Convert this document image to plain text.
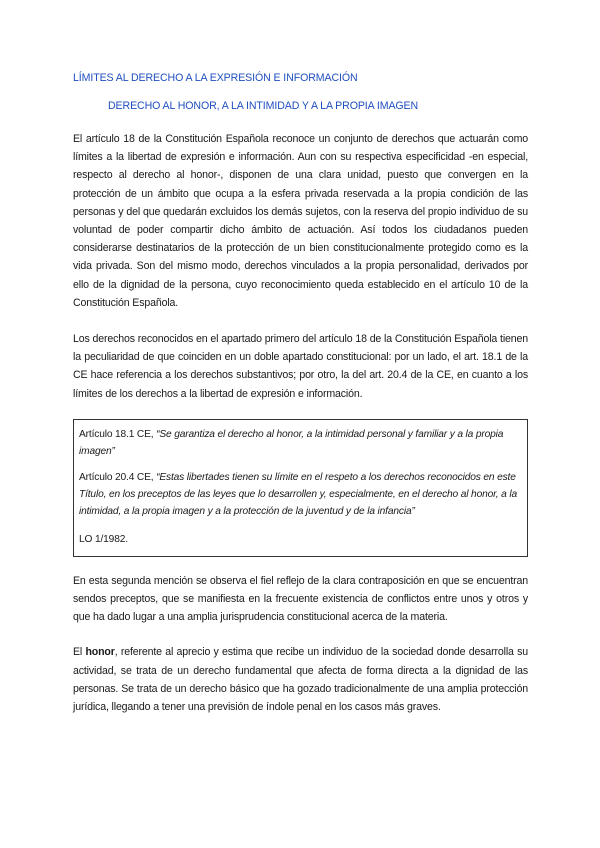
LÍMITES AL DERECHO A LA EXPRESIÓN E INFORMACIÓN

DERECHO AL HONOR, A LA INTIMIDAD Y A LA PROPIA IMAGEN

El artículo 18 de la Constitución Española reconoce un conjunto de derechos que actuarán como límites a la libertad de expresión e información. Aun con su respectiva especificidad -en especial, respecto al derecho al honor-, disponen de una clara unidad, puesto que convergen en la protección de un ámbito que ocupa a la esfera privada reservada a la propia condición de las personas y del que quedarán excluidos los demás sujetos, con la reserva del propio individuo de su voluntad de poder compartir dicho ámbito de actuación. Así todos los ciudadanos pueden considerarse destinatarios de la protección de un bien constitucionalmente protegido como es la vida privada. Son del mismo modo, derechos vinculados a la propia personalidad, derivados por ello de la dignidad de la persona, cuyo reconocimiento queda establecido en el artículo 10 de la Constitución Española.

Los derechos reconocidos en el apartado primero del artículo 18 de la Constitución Española tienen la peculiaridad de que coinciden en un doble apartado constitucional: por un lado, el art. 18.1 de la CE hace referencia a los derechos substantivos; por otro, la del art. 20.4 de la CE, en cuanto a los límites de los derechos a la libertad de expresión e información.

Artículo 18.1 CE, “Se garantiza el derecho al honor, a la intimidad personal y familiar y a la propia imagen”

Artículo 20.4 CE, “Estas libertades tienen su límite en el respeto a los derechos reconocidos en este Título, en los preceptos de las leyes que lo desarrollen y, especialmente, en el derecho al honor, a la intimidad, a la propia imagen y a la protección de la juventud y de la infancia”

LO 1/1982.

En esta segunda mención se observa el fiel reflejo de la clara contraposición en que se encuentran sendos preceptos, que se manifiesta en la frecuente existencia de conflictos entre unos y otros y que ha dado lugar a una amplia jurisprudencia constitucional acerca de la materia.

El honor, referente al aprecio y estima que recibe un individuo de la sociedad donde desarrolla su actividad, se trata de un derecho fundamental que afecta de forma directa a la dignidad de las personas. Se trata de un derecho básico que ha gozado tradicionalmente de una amplia protección jurídica, llegando a tener una previsión de índole penal en los casos más graves.
